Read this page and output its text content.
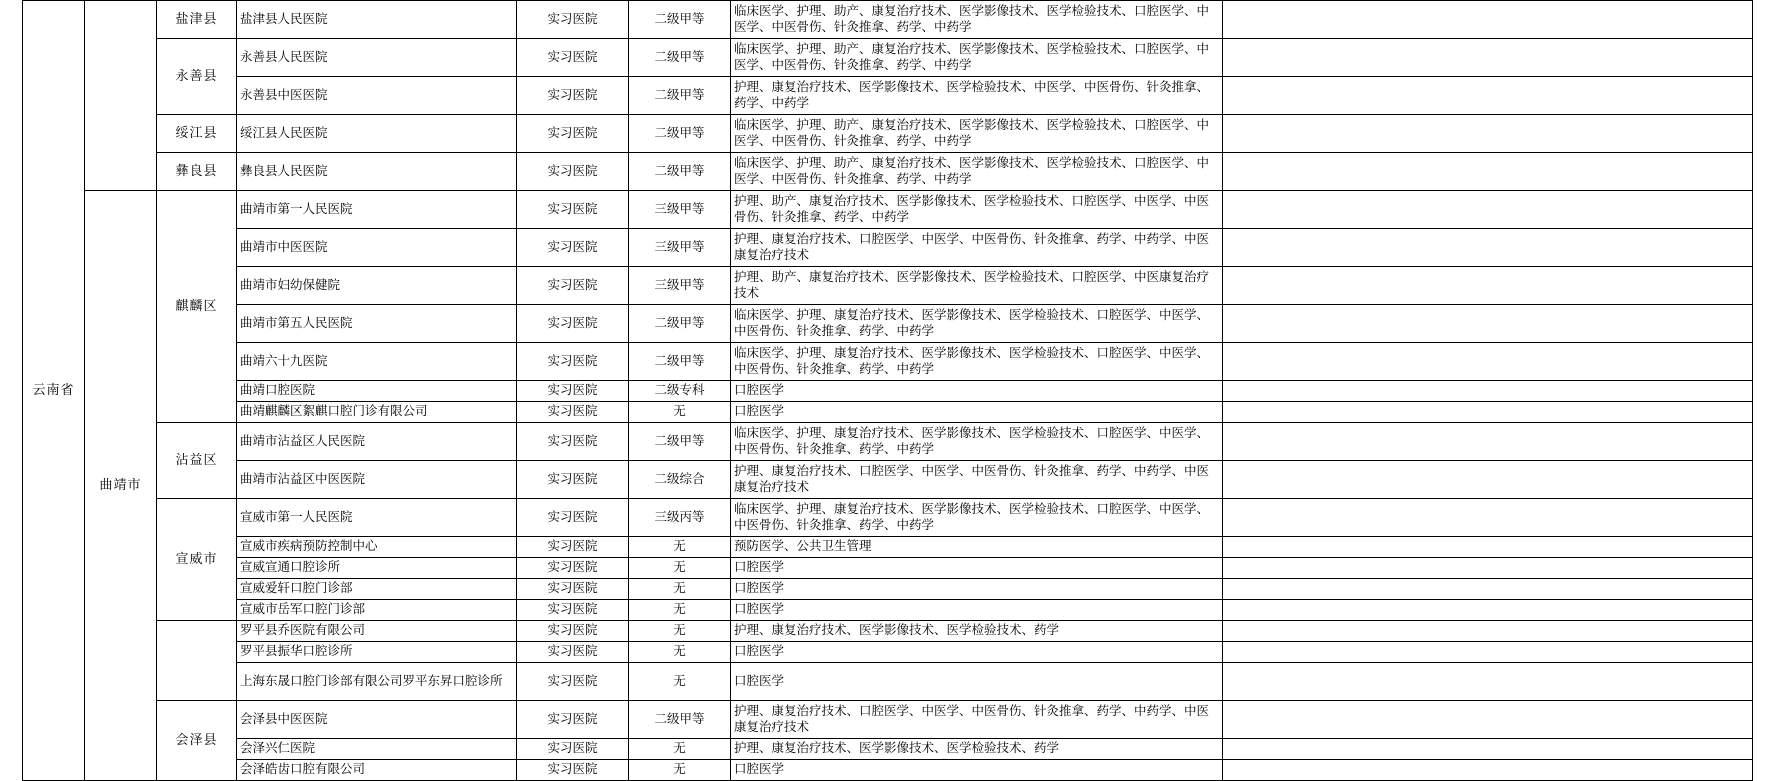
云南省		盐津县	盐津县人民医院	实习医院	二级甲等	临床医学、护理、助产、康复治疗技术、医学影像技术、医学检验技术、口腔医学、中医学、中医骨伤、针灸推拿、药学、中药学	
		永善县	永善县人民医院	实习医院	二级甲等	临床医学、护理、助产、康复治疗技术、医学影像技术、医学检验技术、口腔医学、中医学、中医骨伤、针灸推拿、药学、中药学	
			永善县中医医院	实习医院	二级甲等	护理、康复治疗技术、医学影像技术、医学检验技术、中医学、中医骨伤、针灸推拿、药学、中药学	
		绥江县	绥江县人民医院	实习医院	二级甲等	临床医学、护理、助产、康复治疗技术、医学影像技术、医学检验技术、口腔医学、中医学、中医骨伤、针灸推拿、药学、中药学	
		彝良县	彝良县人民医院	实习医院	二级甲等	临床医学、护理、助产、康复治疗技术、医学影像技术、医学检验技术、口腔医学、中医学、中医骨伤、针灸推拿、药学、中药学	
	曲靖市	麒麟区	曲靖市第一人民医院	实习医院	三级甲等	护理、助产、康复治疗技术、医学影像技术、医学检验技术、口腔医学、中医学、中医骨伤、针灸推拿、药学、中药学	
			曲靖市中医医院	实习医院	三级甲等	护理、康复治疗技术、口腔医学、中医学、中医骨伤、针灸推拿、药学、中药学、中医康复治疗技术	
			曲靖市妇幼保健院	实习医院	三级甲等	护理、助产、康复治疗技术、医学影像技术、医学检验技术、口腔医学、中医康复治疗技术	
			曲靖市第五人民医院	实习医院	二级甲等	临床医学、护理、康复治疗技术、医学影像技术、医学检验技术、口腔医学、中医学、中医骨伤、针灸推拿、药学、中药学	
			曲靖六十九医院	实习医院	二级甲等	临床医学、护理、康复治疗技术、医学影像技术、医学检验技术、口腔医学、中医学、中医骨伤、针灸推拿、药学、中药学	
			曲靖口腔医院	实习医院	二级专科	口腔医学	
			曲靖麒麟区絮麒口腔门诊有限公司	实习医院	无	口腔医学	
		沾益区	曲靖市沾益区人民医院	实习医院	二级甲等	临床医学、护理、康复治疗技术、医学影像技术、医学检验技术、口腔医学、中医学、中医骨伤、针灸推拿、药学、中药学	
			曲靖市沾益区中医医院	实习医院	二级综合	护理、康复治疗技术、口腔医学、中医学、中医骨伤、针灸推拿、药学、中药学、中医康复治疗技术	
		宣威市	宣威市第一人民医院	实习医院	三级丙等	临床医学、护理、康复治疗技术、医学影像技术、医学检验技术、口腔医学、中医学、中医骨伤、针灸推拿、药学、中药学	
			宣威市疾病预防控制中心	实习医院	无	预防医学、公共卫生管理	
			宣威宣通口腔诊所	实习医院	无	口腔医学	
			宣威爱轩口腔门诊部	实习医院	无	口腔医学	
			宣威市岳军口腔门诊部	实习医院	无	口腔医学	
			罗平县乔医院有限公司	实习医院	无	护理、康复治疗技术、医学影像技术、医学检验技术、药学	
			罗平县振华口腔诊所	实习医院	无	口腔医学	
			上海东晟口腔门诊部有限公司罗平东昇口腔诊所	实习医院	无	口腔医学	
		会泽县	会泽县中医医院	实习医院	二级甲等	护理、康复治疗技术、口腔医学、中医学、中医骨伤、针灸推拿、药学、中药学、中医康复治疗技术	
			会泽兴仁医院	实习医院	无	护理、康复治疗技术、医学影像技术、医学检验技术、药学	
			会泽皓齿口腔有限公司	实习医院	无	口腔医学	
